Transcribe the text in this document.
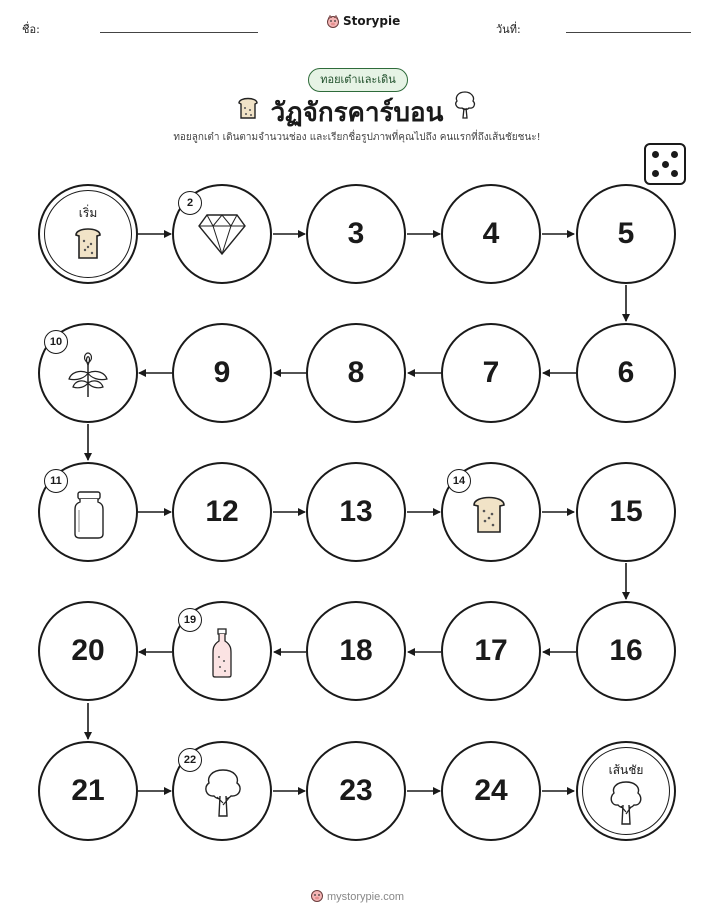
ชื่อ:
Storypie
วันที่:
ทอยเต๋าและเดิน
วัฏจักรคาร์บอน
ทอยลูกเต๋า เดินตามจำนวนช่อง และเรียกชื่อรูปภาพที่คุณไปถึง คนแรกที่ถึงเส้นชัยชนะ!
เริ่ม
2
3	4	5
6
7
8
9
10
11
12	13
14
15
16
17
18
19
20
21
22
23	24
เส้นชัย
mystorypie.com
